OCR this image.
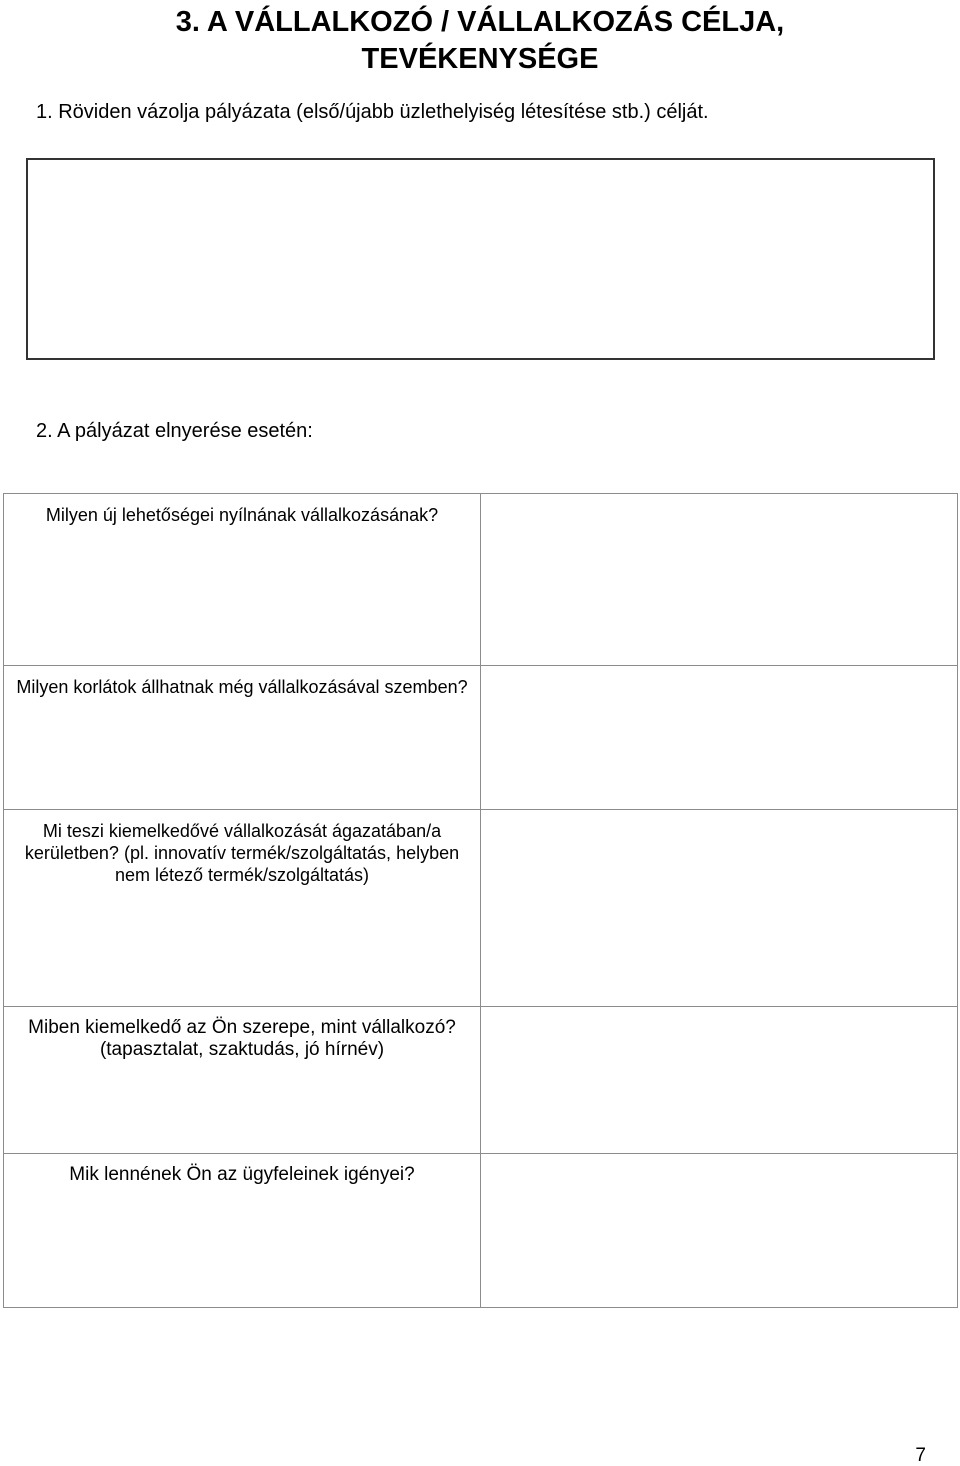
3. A VÁLLALKOZÓ / VÁLLALKOZÁS CÉLJA,
TEVÉKENYSÉGE

1. Röviden vázolja pályázata (első/újabb üzlethelyiség létesítése stb.) célját.

2. A pályázat elnyerése esetén:

Milyen új lehetőségei nyílnának vállalkozásának?	

Milyen korlátok állhatnak még vállalkozásával szemben?	

Mi teszi kiemelkedővé vállalkozását ágazatában/a kerületben? (pl. innovatív termék/szolgáltatás, helyben nem létező termék/szolgáltatás)	

Miben kiemelkedő az Ön szerepe, mint vállalkozó? (tapasztalat, szaktudás, jó hírnév)	

Mik lennének Ön az ügyfeleinek igényei?	

7
